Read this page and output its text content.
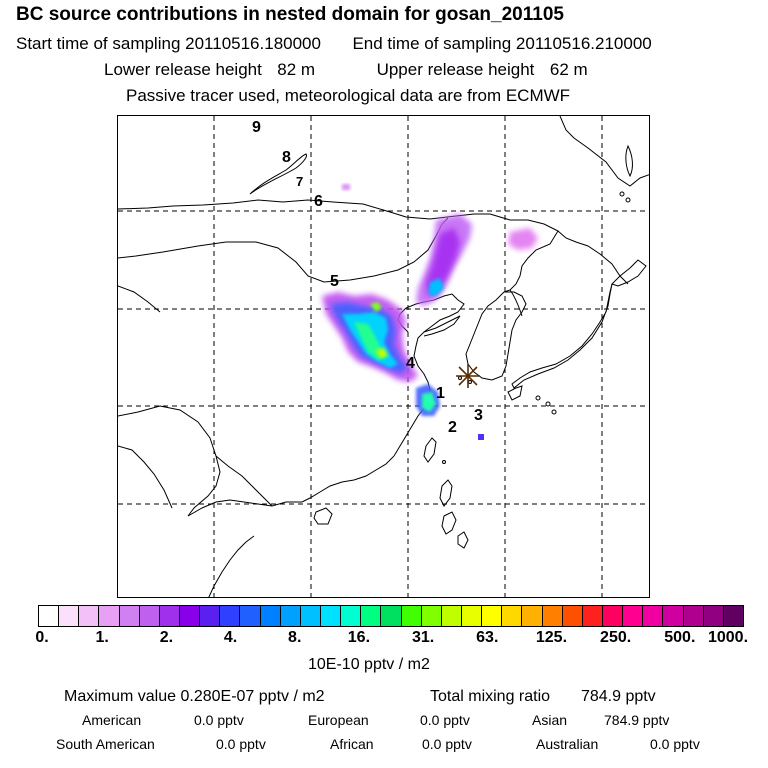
BC source contributions in nested domain for gosan_201105
Start time of sampling 20110516.180000 End time of sampling 20110516.210000
Lower release height 82 m	Upper release height 62 m
Passive tracer used, meteorological data are from ECMWF
1
2
3
4
5
6
7
8
9
0.	1.	2.	4.	8.	16.	31.	63. 125. 250. 500. 1000.
10E-10 pptv / m2
Maximum value 0.280E-07 pptv / m2	Total mixing ratio 784.9 pptv
American	0.0 pptv	European	0.0 pptv	Asian	784.9 pptv
South American	0.0 pptv	African	0.0 pptv	Australian	0.0 pptv
